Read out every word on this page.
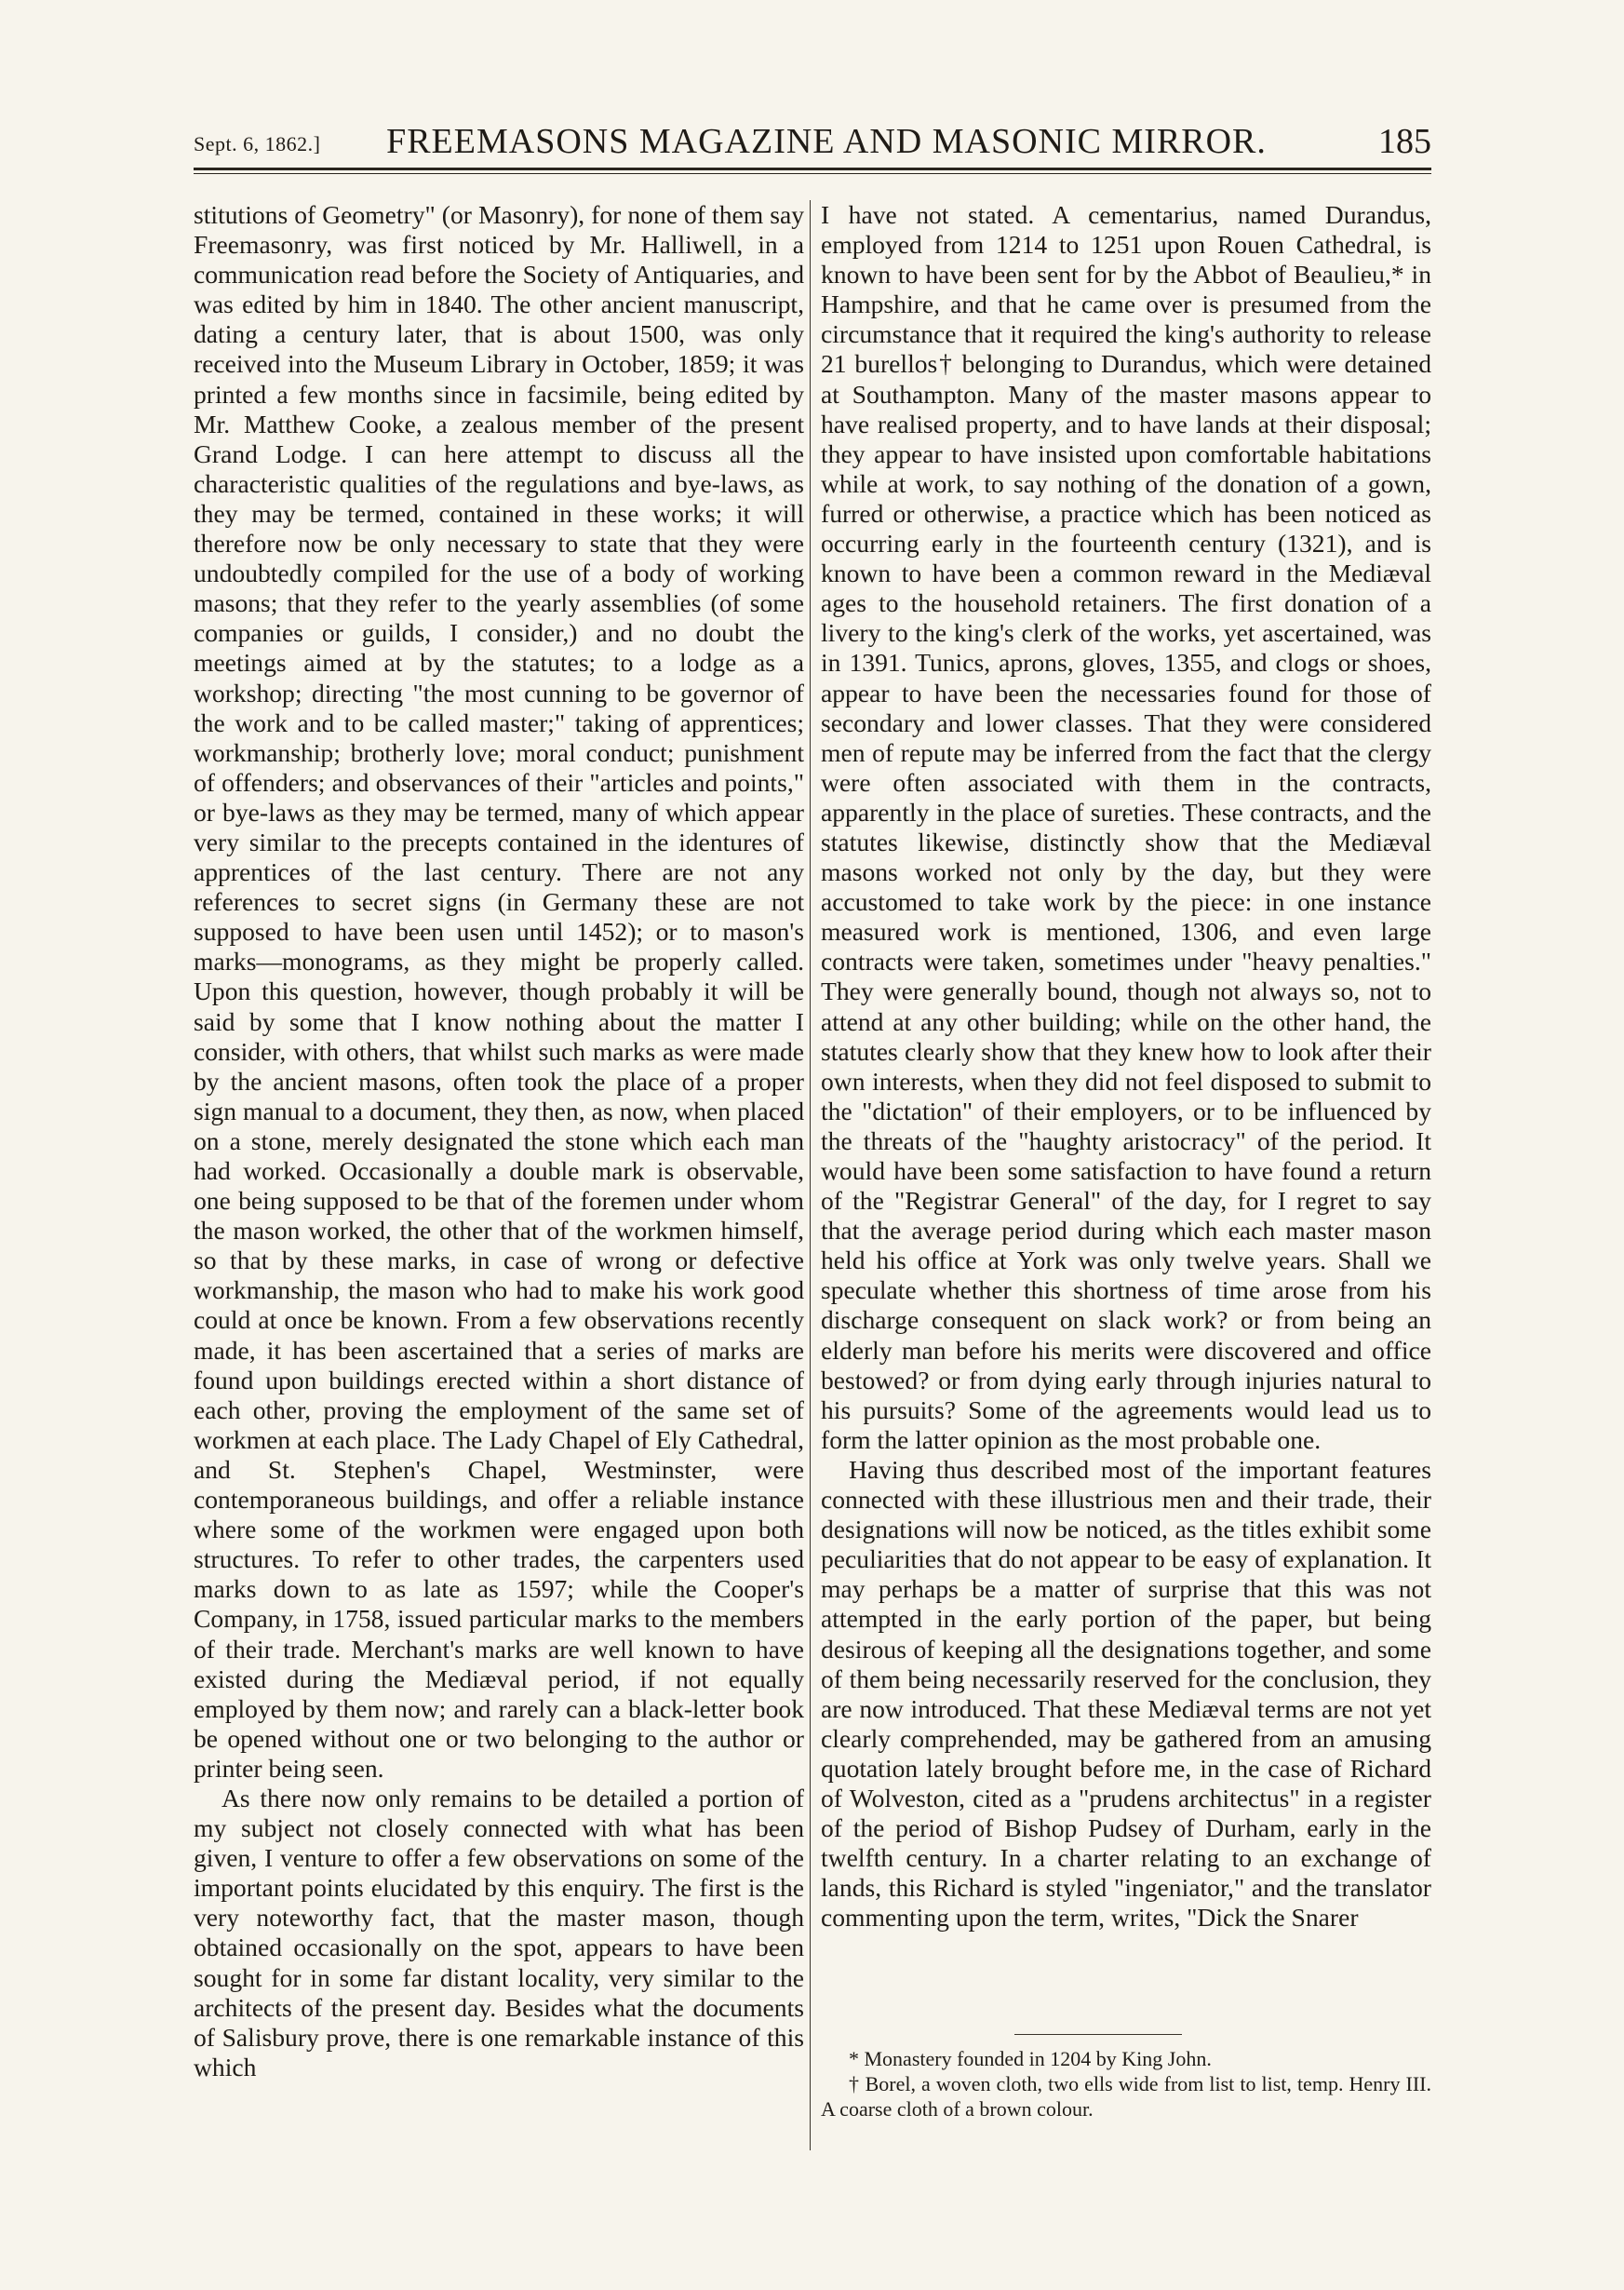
Sept. 6, 1862.]	FREEMASONS MAGAZINE AND MASONIC MIRROR.	185

stitutions of Geometry" (or Masonry), for none of them say Freemasonry, was first noticed by Mr. Halliwell, in a communication read before the Society of Antiquaries, and was edited by him in 1840. The other ancient manuscript, dating a century later, that is about 1500, was only received into the Museum Library in October, 1859; it was printed a few months since in facsimile, being edited by Mr. Matthew Cooke, a zealous member of the present Grand Lodge. I can here attempt to discuss all the characteristic qualities of the regulations and bye-laws, as they may be termed, contained in these works; it will therefore now be only necessary to state that they were undoubtedly compiled for the use of a body of working masons; that they refer to the yearly assemblies (of some companies or guilds, I consider,) and no doubt the meetings aimed at by the statutes; to a lodge as a workshop; directing "the most cunning to be governor of the work and to be called master;" taking of apprentices; workmanship; brotherly love; moral conduct; punishment of offenders; and observances of their "articles and points," or bye-laws as they may be termed, many of which appear very similar to the precepts contained in the identures of apprentices of the last century. There are not any references to secret signs (in Germany these are not supposed to have been usen until 1452); or to mason's marks—monograms, as they might be properly called. Upon this question, however, though probably it will be said by some that I know nothing about the matter I consider, with others, that whilst such marks as were made by the ancient masons, often took the place of a proper sign manual to a document, they then, as now, when placed on a stone, merely designated the stone which each man had worked. Occasionally a double mark is observable, one being supposed to be that of the foremen under whom the mason worked, the other that of the workmen himself, so that by these marks, in case of wrong or defective workmanship, the mason who had to make his work good could at once be known. From a few observations recently made, it has been ascertained that a series of marks are found upon buildings erected within a short distance of each other, proving the employment of the same set of workmen at each place. The Lady Chapel of Ely Cathedral, and St. Stephen's Chapel, Westminster, were contemporaneous buildings, and offer a reliable instance where some of the workmen were engaged upon both structures. To refer to other trades, the carpenters used marks down to as late as 1597; while the Cooper's Company, in 1758, issued particular marks to the members of their trade. Merchant's marks are well known to have existed during the Mediæval period, if not equally employed by them now; and rarely can a black-letter book be opened without one or two belonging to the author or printer being seen.

As there now only remains to be detailed a portion of my subject not closely connected with what has been given, I venture to offer a few observations on some of the important points elucidated by this enquiry. The first is the very noteworthy fact, that the master mason, though obtained occasionally on the spot, appears to have been sought for in some far distant locality, very similar to the architects of the present day. Besides what the documents of Salisbury prove, there is one remarkable instance of this which

I have not stated. A cementarius, named Durandus, employed from 1214 to 1251 upon Rouen Cathedral, is known to have been sent for by the Abbot of Beaulieu,* in Hampshire, and that he came over is presumed from the circumstance that it required the king's authority to release 21 burellos† belonging to Durandus, which were detained at Southampton. Many of the master masons appear to have realised property, and to have lands at their disposal; they appear to have insisted upon comfortable habitations while at work, to say nothing of the donation of a gown, furred or otherwise, a practice which has been noticed as occurring early in the fourteenth century (1321), and is known to have been a common reward in the Mediæval ages to the household retainers. The first donation of a livery to the king's clerk of the works, yet ascertained, was in 1391. Tunics, aprons, gloves, 1355, and clogs or shoes, appear to have been the necessaries found for those of secondary and lower classes. That they were considered men of repute may be inferred from the fact that the clergy were often associated with them in the contracts, apparently in the place of sureties. These contracts, and the statutes likewise, distinctly show that the Mediæval masons worked not only by the day, but they were accustomed to take work by the piece: in one instance measured work is mentioned, 1306, and even large contracts were taken, sometimes under "heavy penalties." They were generally bound, though not always so, not to attend at any other building; while on the other hand, the statutes clearly show that they knew how to look after their own interests, when they did not feel disposed to submit to the "dictation" of their employers, or to be influenced by the threats of the "haughty aristocracy" of the period. It would have been some satisfaction to have found a return of the "Registrar General" of the day, for I regret to say that the average period during which each master mason held his office at York was only twelve years. Shall we speculate whether this shortness of time arose from his discharge consequent on slack work? or from being an elderly man before his merits were discovered and office bestowed? or from dying early through injuries natural to his pursuits? Some of the agreements would lead us to form the latter opinion as the most probable one.

Having thus described most of the important features connected with these illustrious men and their trade, their designations will now be noticed, as the titles exhibit some peculiarities that do not appear to be easy of explanation. It may perhaps be a matter of surprise that this was not attempted in the early portion of the paper, but being desirous of keeping all the designations together, and some of them being necessarily reserved for the conclusion, they are now introduced. That these Mediæval terms are not yet clearly comprehended, may be gathered from an amusing quotation lately brought before me, in the case of Richard of Wolveston, cited as a "prudens architectus" in a register of the period of Bishop Pudsey of Durham, early in the twelfth century. In a charter relating to an exchange of lands, this Richard is styled "ingeniator," and the translator commenting upon the term, writes, "Dick the Snarer

* Monastery founded in 1204 by King John.

† Borel, a woven cloth, two ells wide from list to list, temp. Henry III. A coarse cloth of a brown colour.
